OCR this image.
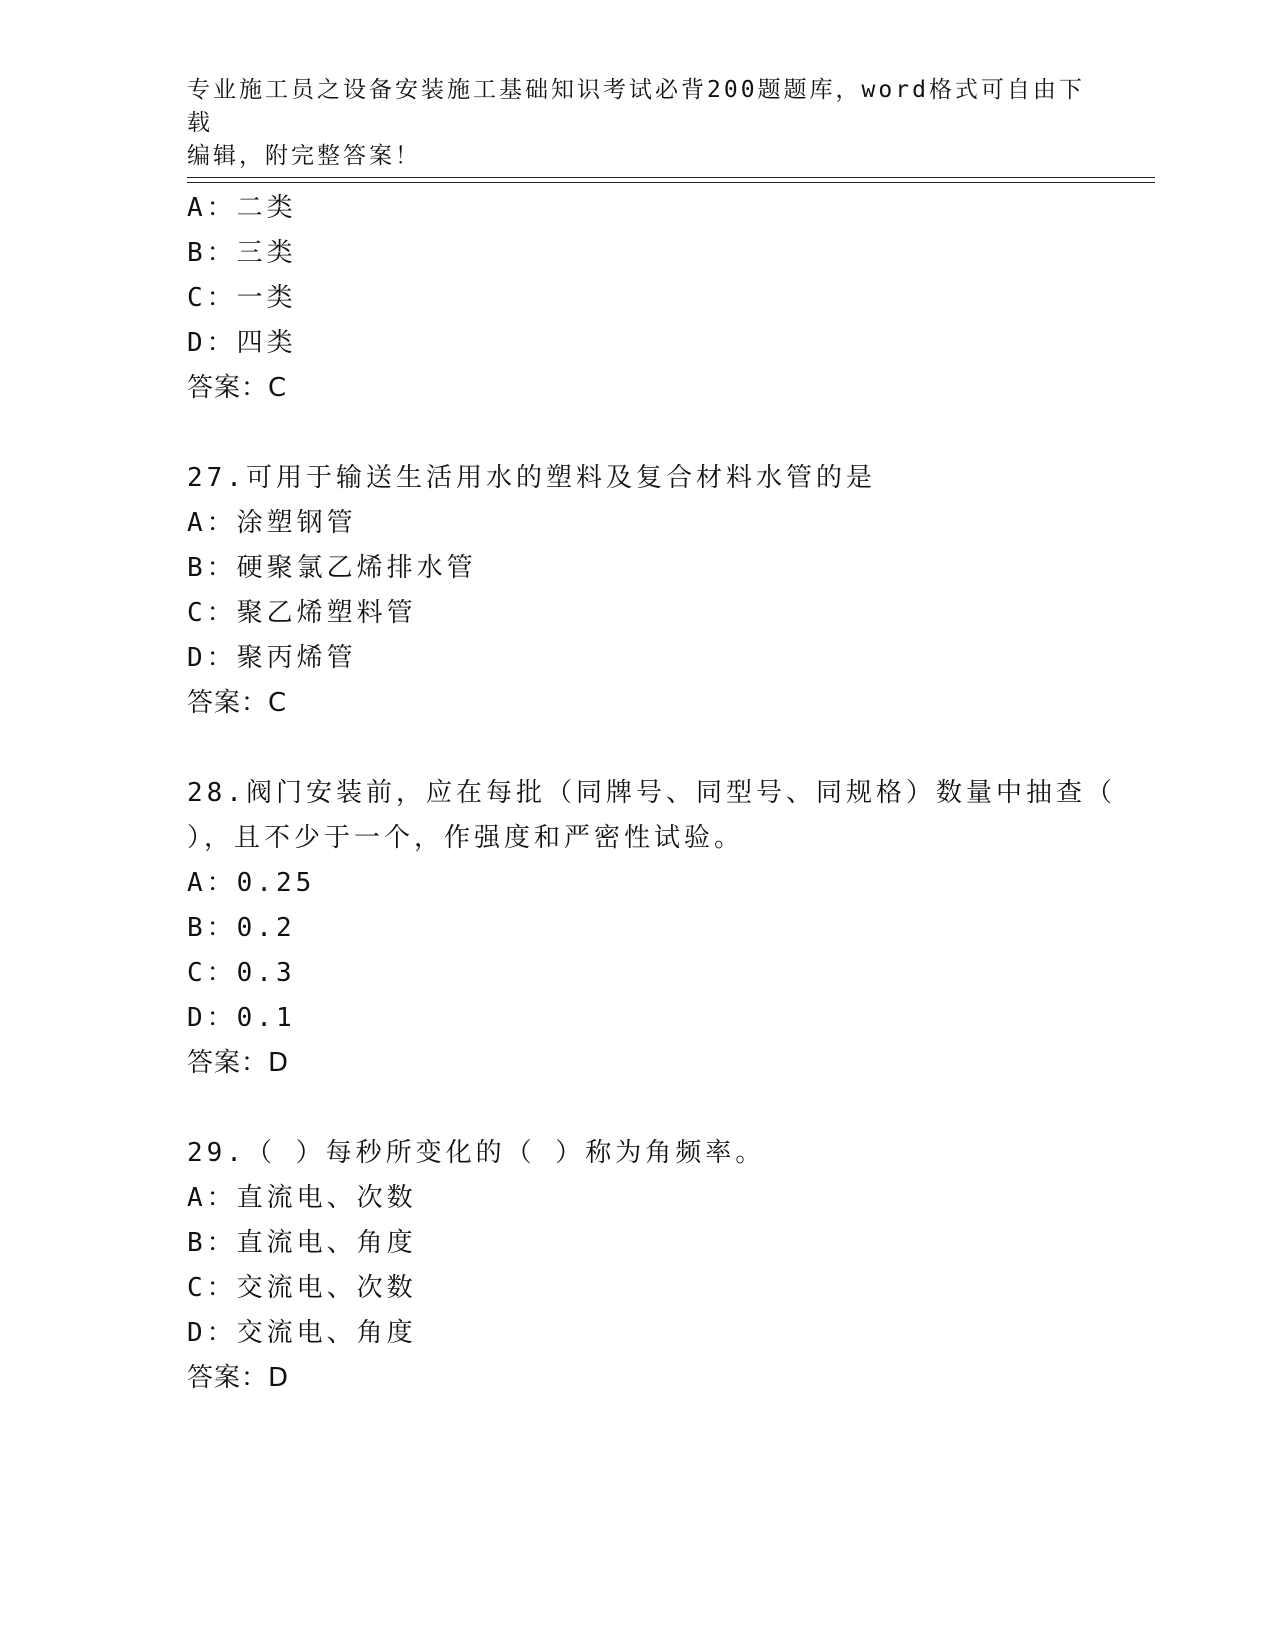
专业施工员之设备安装施工基础知识考试必背200题题库，word格式可自由下载
编辑，附完整答案！
A：二类
B：三类
C：一类
D：四类
答案：C
27.可用于输送生活用水的塑料及复合材料水管的是
A：涂塑钢管
B：硬聚氯乙烯排水管
C：聚乙烯塑料管
D：聚丙烯管
答案：C
28.阀门安装前，应在每批（同牌号、同型号、同规格）数量中抽查（
），且不少于一个，作强度和严密性试验。
A：0.25
B：0.2
C：0.3
D：0.1
答案：D
29.（ ）每秒所变化的（ ）称为角频率。
A：直流电、次数
B：直流电、角度
C：交流电、次数
D：交流电、角度
答案：D
